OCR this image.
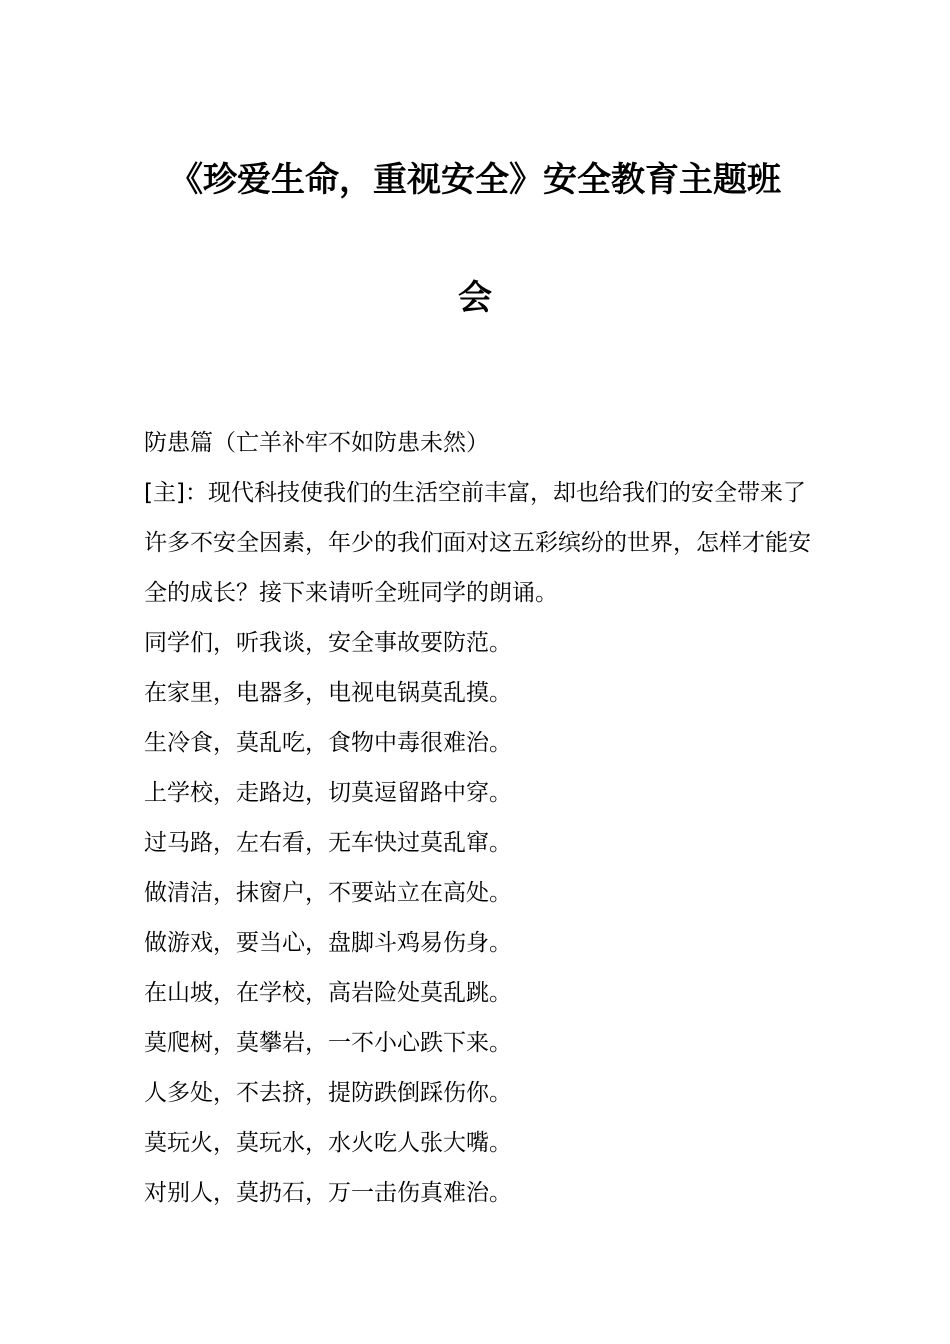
《珍爱生命，重视安全》安全教育主题班
会

防患篇（亡羊补牢不如防患未然）

[主]：现代科技使我们的生活空前丰富，却也给我们的安全带来了许多不安全因素，年少的我们面对这五彩缤纷的世界，怎样才能安全的成长？接下来请听全班同学的朗诵。

同学们，听我谈，安全事故要防范。

在家里，电器多，电视电锅莫乱摸。

生冷食，莫乱吃，食物中毒很难治。

上学校，走路边，切莫逗留路中穿。

过马路，左右看，无车快过莫乱窜。

做清洁，抹窗户，不要站立在高处。

做游戏，要当心，盘脚斗鸡易伤身。

在山坡，在学校，高岩险处莫乱跳。

莫爬树，莫攀岩，一不小心跌下来。

人多处，不去挤，提防跌倒踩伤你。

莫玩火，莫玩水，水火吃人张大嘴。

对别人，莫扔石，万一击伤真难治。
